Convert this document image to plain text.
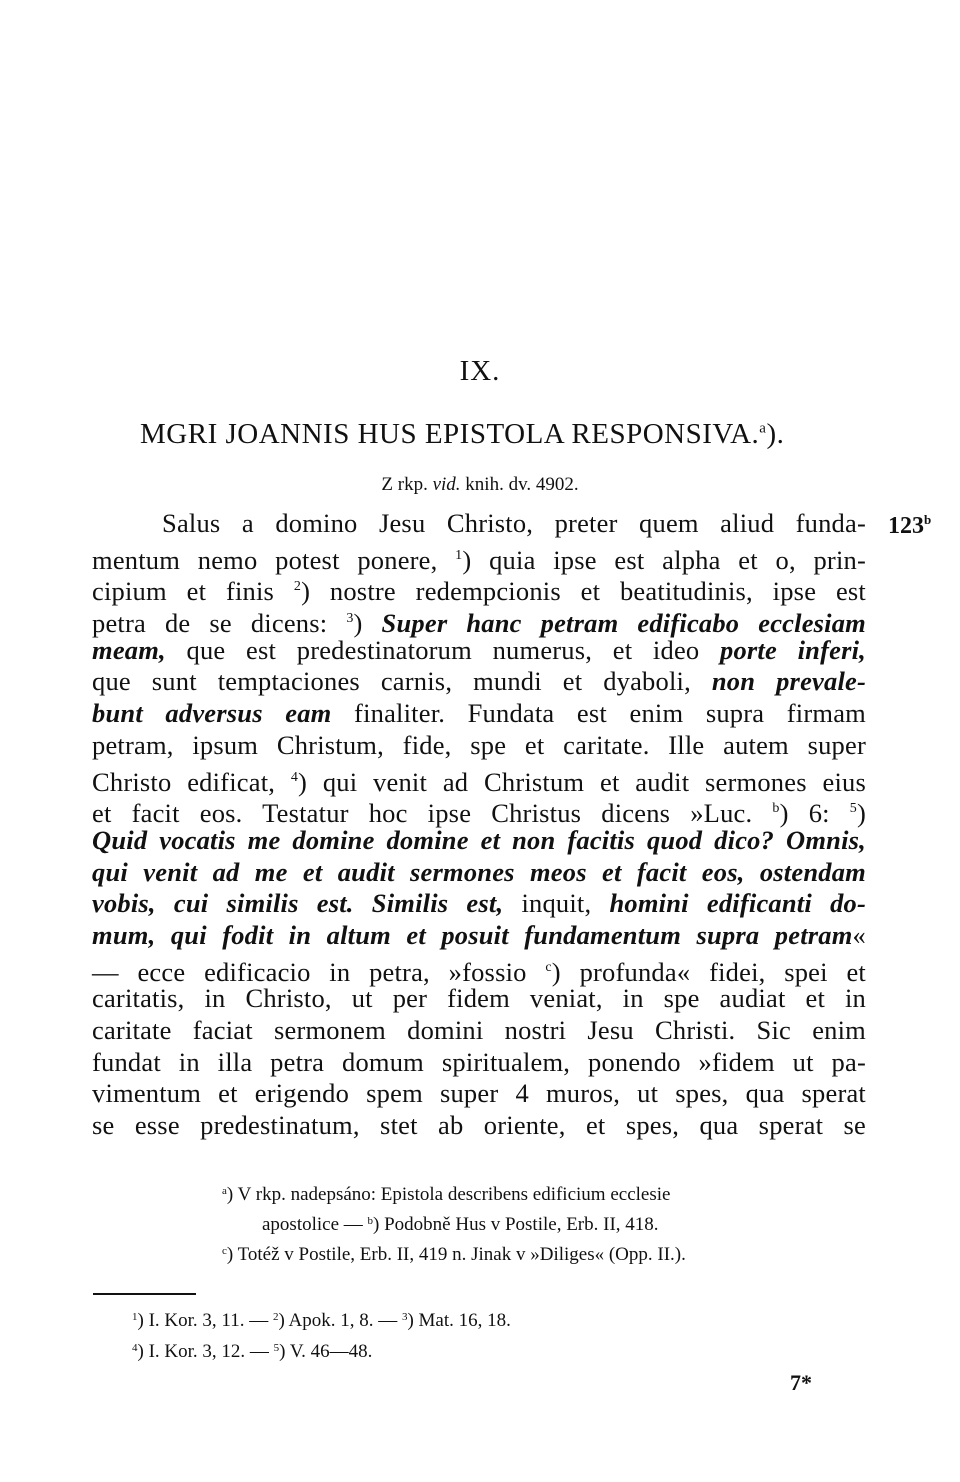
IX.
MGRI JOANNIS HUS EPISTOLA RESPONSIVA.$^a$).
Z rkp. vid. knih. dv. 4902.
123$^b$
Salus a domino Jesu Christo, preter quem aliud funda-
mentum nemo potest ponere, $^1$) quia ipse est alpha et o, prin-
cipium et finis $^2$) nostre redempcionis et beatitudinis, ipse est
petra de se dicens: $^3$) Super hanc petram edificabo ecclesiam
meam, que est predestinatorum numerus, et ideo porte inferi,
que sunt temptaciones carnis, mundi et dyaboli, non prevale-
bunt adversus eam finaliter. Fundata est enim supra firmam
petram, ipsum Christum, fide, spe et caritate. Ille autem super
Christo edificat, $^4$) qui venit ad Christum et audit sermones eius
et facit eos. Testatur hoc ipse Christus dicens »Luc. $^b$) 6: $^5$)
Quid vocatis me domine domine et non facitis quod dico? Omnis,
qui venit ad me et audit sermones meos et facit eos, ostendam
vobis, cui similis est. Similis est, inquit, homini edificanti do-
mum, qui fodit in altum et posuit fundamentum supra petram«
— ecce edificacio in petra, »fossio $^c$) profunda« fidei, spei et
caritatis, in Christo, ut per fidem veniat, in spe audiat et in
caritate faciat sermonem domini nostri Jesu Christi. Sic enim
fundat in illa petra domum spiritualem, ponendo »fidem ut pa-
vimentum et erigendo spem super 4 muros, ut spes, qua sperat
se esse predestinatum, stet ab oriente, et spes, qua sperat se
$^a$) V rkp. nadepsáno: Epistola describens edificium ecclesie
apostolice — $^b$) Podobně Hus v Postile, Erb. II, 418.
$^c$) Totéž v Postile, Erb. II, 419 n. Jinak v »Diliges« (Opp. II.).
$^1$) I. Kor. 3, 11. — $^2$) Apok. 1, 8. — $^3$) Mat. 16, 18.
$^4$) I. Kor. 3, 12. — $^5$) V. 46—48.
7*
